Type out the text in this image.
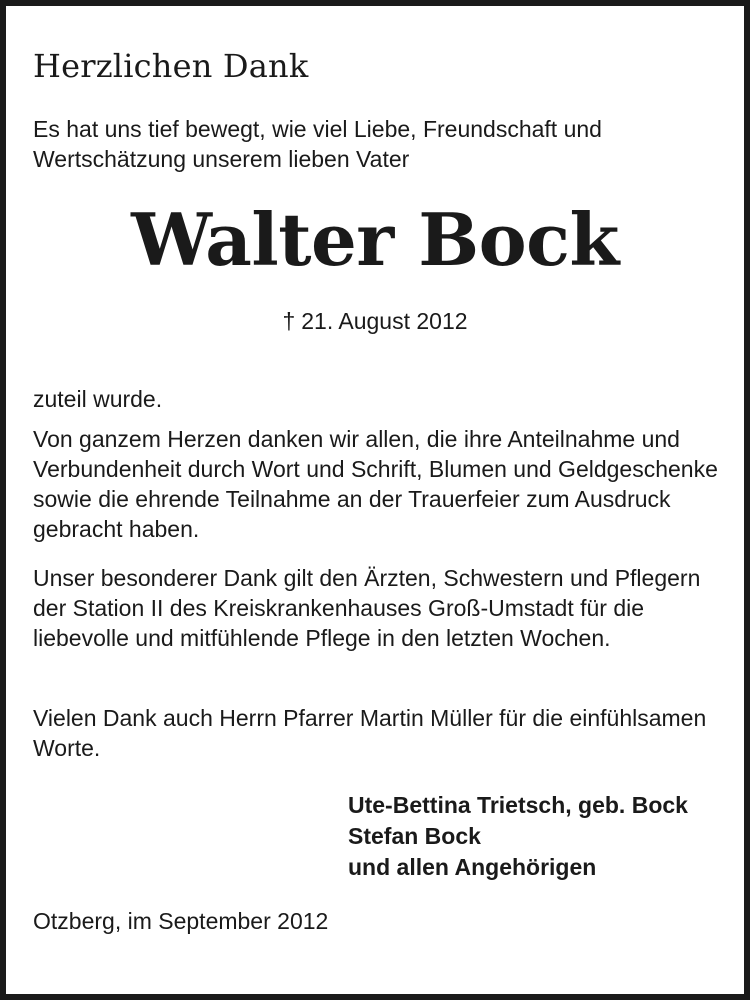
Herzlichen Dank

Es hat uns tief bewegt, wie viel Liebe, Freundschaft und Wertschätzung unserem lieben Vater

Walter Bock

† 21. August 2012

zuteil wurde.

Von ganzem Herzen danken wir allen, die ihre Anteilnahme und Verbundenheit durch Wort und Schrift, Blumen und Geldgeschenke sowie die ehrende Teilnahme an der Trauerfeier zum Ausdruck gebracht haben.

Unser besonderer Dank gilt den Ärzten, Schwestern und Pflegern der Station II des Kreiskrankenhauses Groß-Umstadt für die liebevolle und mitfühlende Pflege in den letzten Wochen.

Vielen Dank auch Herrn Pfarrer Martin Müller für die einfühlsamen Worte.

Ute-Bettina Trietsch, geb. Bock
Stefan Bock
und allen Angehörigen

Otzberg, im September 2012
